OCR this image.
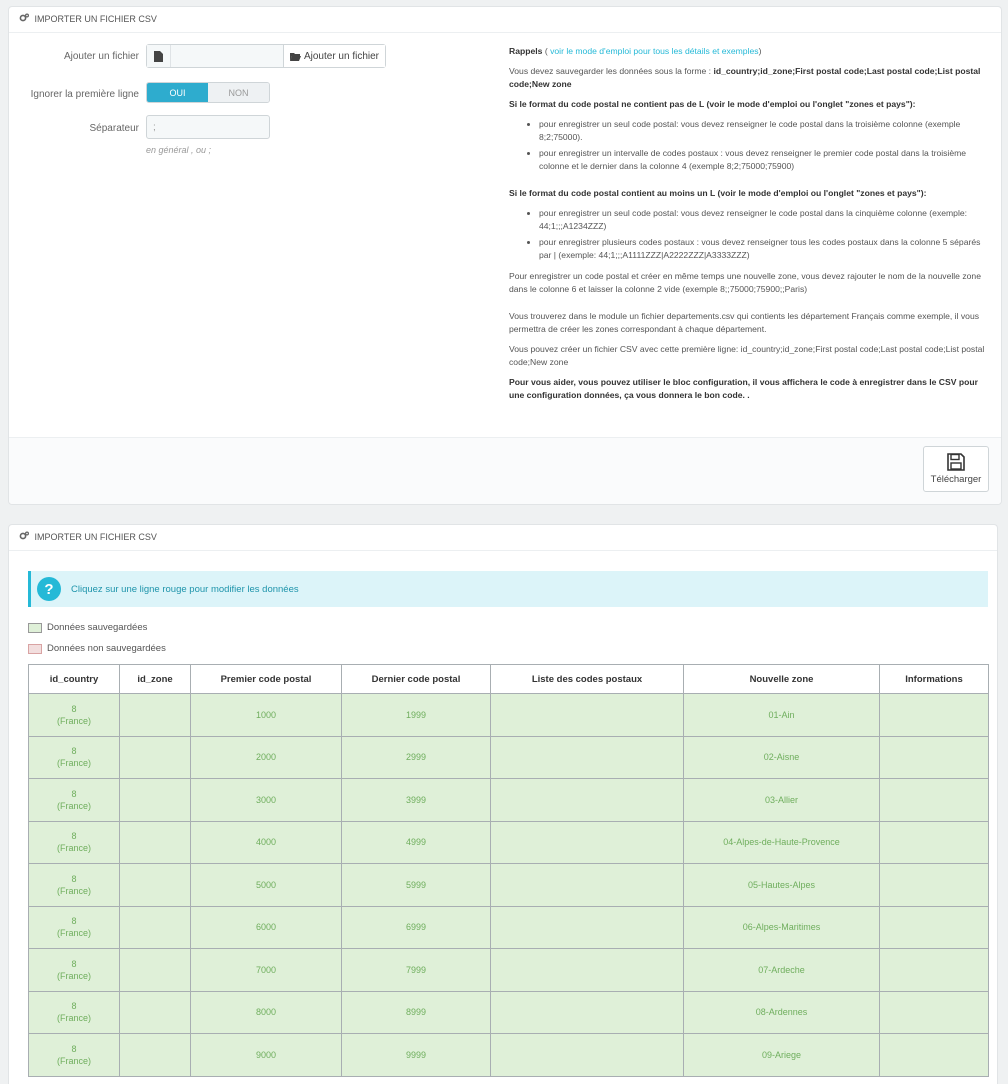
IMPORTER UN FICHIER CSV
Ajouter un fichier	Ajouter un fichier
Ignorer la première ligne	OUI	NON
Séparateur	;
en général , ou ;

Rappels ( voir le mode d'emploi pour tous les détails et exemples)

Vous devez sauvegarder les données sous la forme : id_country;id_zone;First postal code;Last postal code;List postal code;New zone

Si le format du code postal ne contient pas de L (voir le mode d'emploi ou l'onglet "zones et pays"):

• pour enregistrer un seul code postal: vous devez renseigner le code postal dans la troisième colonne (exemple 8;2;75000).
• pour enregistrer un intervalle de codes postaux : vous devez renseigner le premier code postal dans la troisième colonne et le dernier dans la colonne 4 (exemple 8;2;75000;75900)

Si le format du code postal contient au moins un L (voir le mode d'emploi ou l'onglet "zones et pays"):

• pour enregistrer un seul code postal: vous devez renseigner le code postal dans la cinquième colonne (exemple: 44;1;;;A1234ZZZ)
• pour enregistrer plusieurs codes postaux : vous devez renseigner tous les codes postaux dans la colonne 5 séparés par | (exemple: 44;1;;;A1111ZZZ|A2222ZZZ|A3333ZZZ)

Pour enregistrer un code postal et créer en même temps une nouvelle zone, vous devez rajouter le nom de la nouvelle zone dans le colonne 6 et laisser la colonne 2 vide (exemple 8;;75000;75900;;Paris)

Vous trouverez dans le module un fichier departements.csv qui contients les département Français comme exemple, il vous permettra de créer les zones correspondant à chaque département.

Vous pouvez créer un fichier CSV avec cette première ligne: id_country;id_zone;First postal code;Last postal code;List postal code;New zone

Pour vous aider, vous pouvez utiliser le bloc configuration, il vous affichera le code à enregistrer dans le CSV pour une configuration données, ça vous donnera le bon code. .

Télécharger
IMPORTER UN FICHIER CSV
?	Cliquez sur une ligne rouge pour modifier les données
Données sauvegardées
Données non sauvegardées
id_country	id_zone	Premier code postal	Dernier code postal	Liste des codes postaux	Nouvelle zone	Informations

8
(France)		1000	1999		01-Ain	

8
(France)		2000	2999		02-Aisne	

8
(France)		3000	3999		03-Allier	

8
(France)		4000	4999		04-Alpes-de-Haute-Provence	

8
(France)		5000	5999		05-Hautes-Alpes	

8
(France)		6000	6999		06-Alpes-Maritimes	

8
(France)		7000	7999		07-Ardeche	

8
(France)		8000	8999		08-Ardennes	

8
(France)		9000	9999		09-Ariege	
